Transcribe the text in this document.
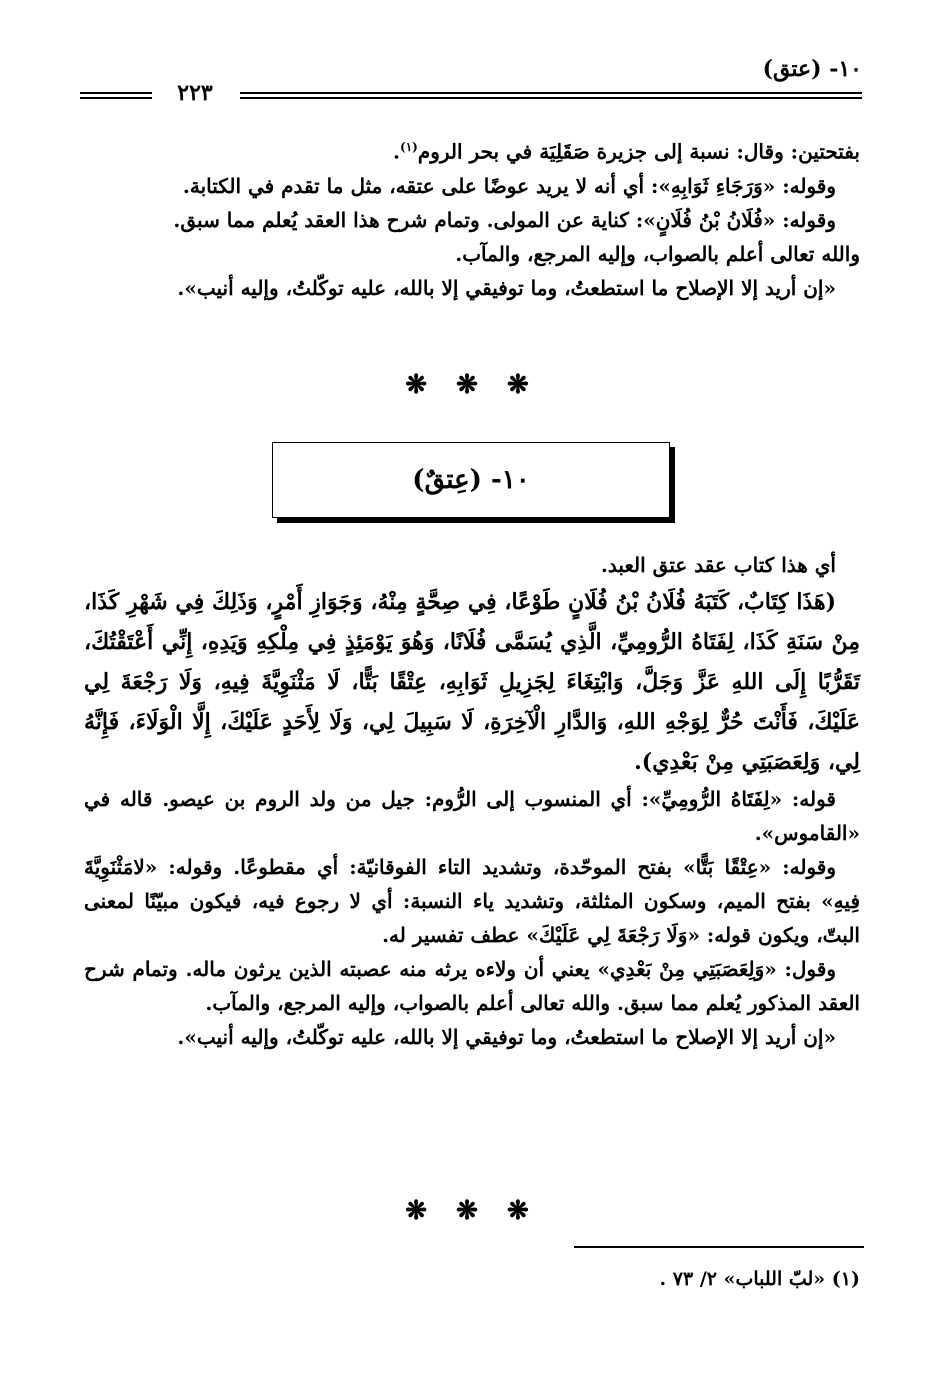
١٠- (عتق)
٢٢٣

بفتحتين: وقال: نسبة إلى جزيرة صَقَلِيَة في بحر الروم$^{(١)}$.

وقوله: «وَرَجَاءِ ثَوَابِهِ»: أي أنه لا يريد عوضًا على عتقه، مثل ما تقدم في الكتابة.

وقوله: «فُلَانُ بْنُ فُلَانٍ»: كناية عن المولى. وتمام شرح هذا العقد يُعلم مما سبق.

والله تعالى أعلم بالصواب، وإليه المرجع، والمآب.

«إن أريد إلا الإصلاح ما استطعتُ، وما توفيقي إلا بالله، عليه توكّلتُ، وإليه أنيب».

❋ ❋ ❋
١٠- (عِتقٌ)

أي هذا كتاب عقد عتق العبد.

(هَذَا كِتَابٌ، كَتَبَهُ فُلَانُ بْنُ فُلَانٍ طَوْعًا، فِي صِحَّةٍ مِنْهُ، وَجَوَازِ أَمْرٍ، وَذَلِكَ فِي شَهْرِ كَذَا، مِنْ سَنَةِ كَذَا، لِفَتَاهُ الرُّومِيِّ، الَّذِي يُسَمَّى فُلَانًا، وَهُوَ يَوْمَئِذٍ فِي مِلْكِهِ وَيَدِهِ، إِنِّي أَعْتَقْتُكَ، تَقَرُّبًا إِلَى اللهِ عَزَّ وَجَلَّ، وَابْتِغَاءَ لِجَزِيلِ ثَوَابِهِ، عِتْقًا بَتًّا، لَا مَثْنَوِيَّةَ فِيهِ، وَلَا رَجْعَةَ لِي عَلَيْكَ، فَأَنْتَ حُرٌّ لِوَجْهِ اللهِ، وَالدَّارِ الْآخِرَةِ، لَا سَبِيلَ لِي، وَلَا لِأَحَدٍ عَلَيْكَ، إِلَّا الْوَلَاءَ، فَإِنَّهُ لِي، وَلِعَصَبَتِي مِنْ بَعْدِي).

قوله: «لِفَتَاهُ الرُّومِيِّ»: أي المنسوب إلى الرُّوم: جيل من ولد الروم بن عيصو. قاله في «القاموس».

وقوله: «عِتْقًا بَتًّا» بفتح الموحّدة، وتشديد التاء الفوقانيّة: أي مقطوعًا. وقوله: «لامَثْنَوِيَّةَ فِيهِ» بفتح الميم، وسكون المثلثة، وتشديد ياء النسبة: أي لا رجوع فيه، فيكون مبيّنًا لمعنى البتّ، ويكون قوله: «وَلَا رَجْعَةَ لِي عَلَيْكَ» عطف تفسير له.

وقول: «وَلِعَصَبَتِي مِنْ بَعْدِي» يعني أن ولاءه يرثه منه عصبته الذين يرثون ماله. وتمام شرح العقد المذكور يُعلم مما سبق. والله تعالى أعلم بالصواب، وإليه المرجع، والمآب.

«إن أريد إلا الإصلاح ما استطعتُ، وما توفيقي إلا بالله، عليه توكّلتُ، وإليه أنيب».

❋ ❋ ❋
(١) «لبّ اللباب» ٢/ ٧٣ .
